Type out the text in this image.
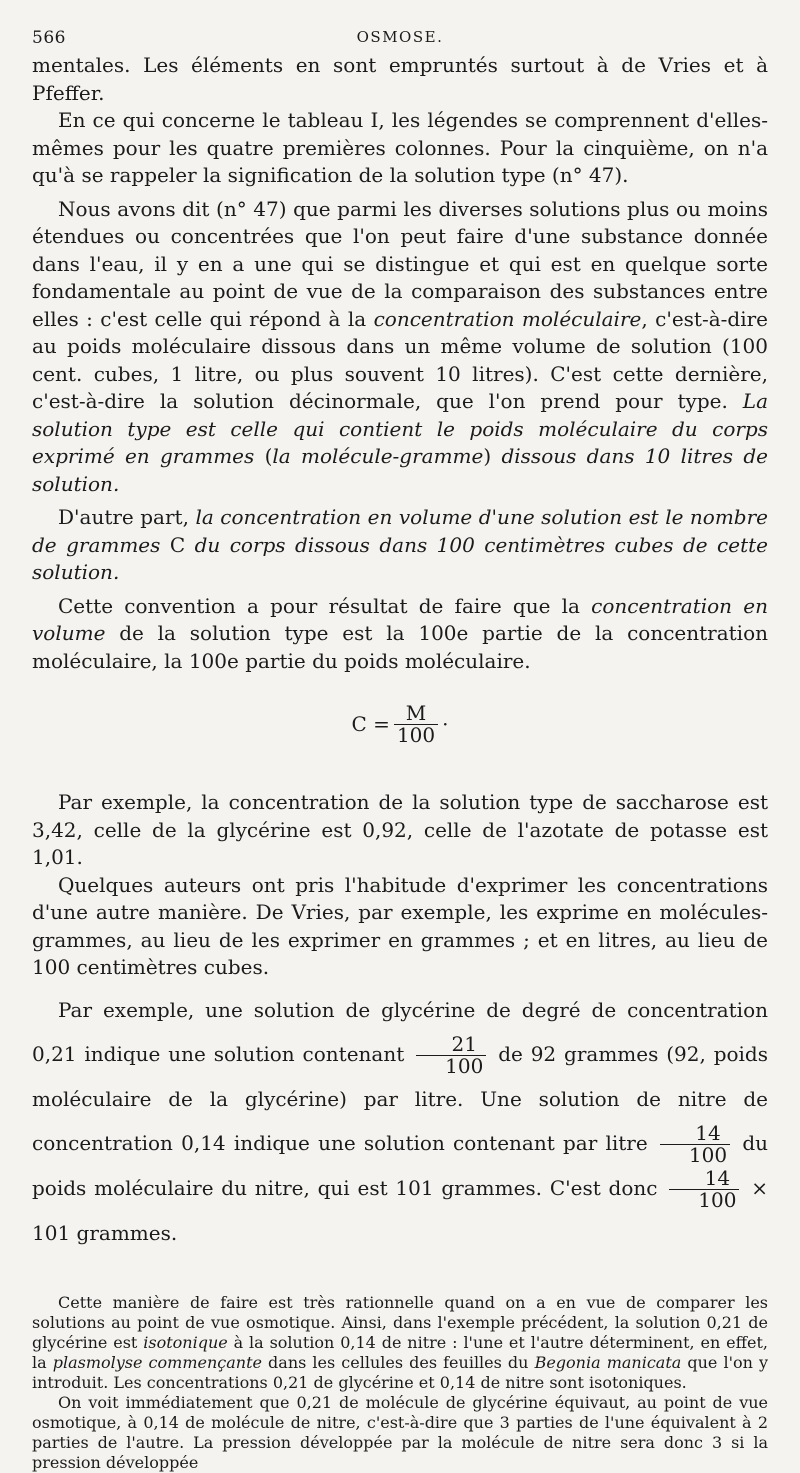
566	OSMOSE.

mentales. Les éléments en sont empruntés surtout à de Vries et à Pfeffer.

En ce qui concerne le tableau I, les légendes se comprennent d'elles-mêmes pour les quatre premières colonnes. Pour la cinquième, on n'a qu'à se rappeler la signification de la solution type (n° 47).

Nous avons dit (n° 47) que parmi les diverses solutions plus ou moins étendues ou concentrées que l'on peut faire d'une substance donnée dans l'eau, il y en a une qui se distingue et qui est en quelque sorte fondamentale au point de vue de la comparaison des substances entre elles : c'est celle qui répond à la concentration moléculaire, c'est-à-dire au poids moléculaire dissous dans un même volume de solution (100 cent. cubes, 1 litre, ou plus souvent 10 litres). C'est cette dernière, c'est-à-dire la solution décinormale, que l'on prend pour type. La solution type est celle qui contient le poids moléculaire du corps exprimé en grammes (la molécule-gramme) dissous dans 10 litres de solution.

D'autre part, la concentration en volume d'une solution est le nombre de grammes C du corps dissous dans 100 centimètres cubes de cette solution.

Cette convention a pour résultat de faire que la concentration en volume de la solution type est la 100e partie de la concentration moléculaire, la 100e partie du poids moléculaire.

$C = \frac{M}{100}$ ·

Par exemple, la concentration de la solution type de saccharose est 3,42, celle de la glycérine est 0,92, celle de l'azotate de potasse est 1,01.

Quelques auteurs ont pris l'habitude d'exprimer les concentrations d'une autre manière. De Vries, par exemple, les exprime en molécules-grammes, au lieu de les exprimer en grammes ; et en litres, au lieu de 100 centimètres cubes.

Par exemple, une solution de glycérine de degré de concentration 0,21 indique une solution contenant $\frac{21}{100}$ de 92 grammes (92, poids moléculaire de la glycérine) par litre. Une solution de nitre de concentration 0,14 indique une solution contenant par litre $\frac{14}{100}$ du poids moléculaire du nitre, qui est 101 grammes. C'est donc $\frac{14}{100} \times 101$ grammes.

Cette manière de faire est très rationnelle quand on a en vue de comparer les solutions au point de vue osmotique. Ainsi, dans l'exemple précédent, la solution 0,21 de glycérine est isotonique à la solution 0,14 de nitre : l'une et l'autre déterminent, en effet, la plasmolyse commençante dans les cellules des feuilles du Begonia manicata que l'on y introduit. Les concentrations 0,21 de glycérine et 0,14 de nitre sont isotoniques.

On voit immédiatement que 0,21 de molécule de glycérine équivaut, au point de vue osmotique, à 0,14 de molécule de nitre, c'est-à-dire que 3 parties de l'une équivalent à 2 parties de l'autre. La pression développée par la molécule de nitre sera donc 3 si la pression développée
